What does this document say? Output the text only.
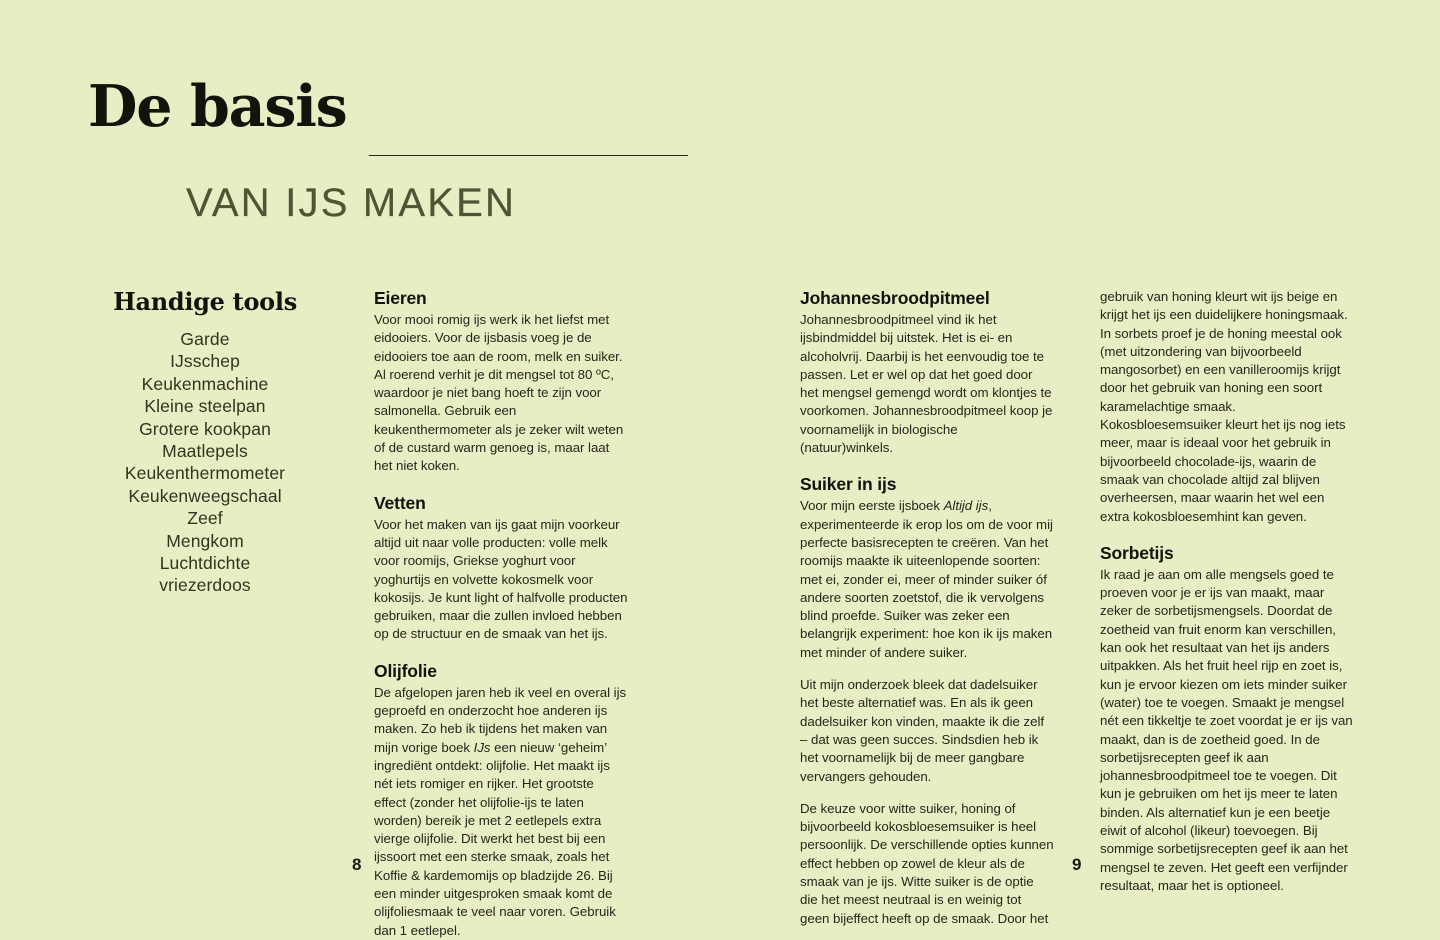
De basis
VAN IJS MAKEN
Handige tools
Garde
IJsschep
Keukenmachine
Kleine steelpan
Grotere kookpan
Maatlepels
Keukenthermometer
Keukenweegschaal
Zeef
Mengkom
Luchtdichte vriezerdoos
Eieren

Voor mooi romig ijs werk ik het liefst met eidooiers. Voor de ijsbasis voeg je de eidooiers toe aan de room, melk en suiker. Al roerend verhit je dit mengsel tot 80 ºC, waardoor je niet bang hoeft te zijn voor salmonella. Gebruik een keukenthermometer als je zeker wilt weten of de custard warm genoeg is, maar laat het niet koken.

Vetten

Voor het maken van ijs gaat mijn voorkeur altijd uit naar volle producten: volle melk voor roomijs, Griekse yoghurt voor yoghurtijs en volvette kokosmelk voor kokosijs. Je kunt light of halfvolle producten gebruiken, maar die zullen invloed hebben op de structuur en de smaak van het ijs.

Olijfolie

De afgelopen jaren heb ik veel en overal ijs geproefd en onderzocht hoe anderen ijs maken. Zo heb ik tijdens het maken van mijn vorige boek IJs een nieuw ‘geheim’ ingrediënt ontdekt: olijfolie. Het maakt ijs nét iets romiger en rijker. Het grootste effect (zonder het olijfolie-ijs te laten worden) bereik je met 2 eetlepels extra vierge olijfolie. Dit werkt het best bij een ijssoort met een sterke smaak, zoals het Koffie & kardemomijs op bladzijde 26. Bij een minder uitgesproken smaak komt de olijfoliesmaak te veel naar voren. Gebruik dan 1 eetlepel.

Johannesbroodpitmeel

Johannesbroodpitmeel vind ik het ijsbindmiddel bij uitstek. Het is ei- en alcoholvrij. Daarbij is het eenvoudig toe te passen. Let er wel op dat het goed door het mengsel gemengd wordt om klontjes te voorkomen. Johannesbroodpitmeel koop je voornamelijk in biologische (natuur)winkels.

Suiker in ijs

Voor mijn eerste ijsboek Altijd ijs, experimenteerde ik erop los om de voor mij perfecte basisrecepten te creëren. Van het roomijs maakte ik uiteenlopende soorten: met ei, zonder ei, meer of minder suiker óf andere soorten zoetstof, die ik vervolgens blind proefde. Suiker was zeker een belangrijk experiment: hoe kon ik ijs maken met minder of andere suiker.

Uit mijn onderzoek bleek dat dadelsuiker het beste alternatief was. En als ik geen dadelsuiker kon vinden, maakte ik die zelf – dat was geen succes. Sindsdien heb ik het voornamelijk bij de meer gangbare vervangers gehouden.

De keuze voor witte suiker, honing of bijvoorbeeld kokosbloesemsuiker is heel persoonlijk. De verschillende opties kunnen effect hebben op zowel de kleur als de smaak van je ijs. Witte suiker is de optie die het meest neutraal is en weinig tot geen bijeffect heeft op de smaak. Door het

gebruik van honing kleurt wit ijs beige en krijgt het ijs een duidelijkere honingsmaak. In sorbets proef je de honing meestal ook (met uitzondering van bijvoorbeeld mangosorbet) en een vanilleroomijs krijgt door het gebruik van honing een soort karamelachtige smaak. Kokosbloesemsuiker kleurt het ijs nog iets meer, maar is ideaal voor het gebruik in bijvoorbeeld chocolade-ijs, waarin de smaak van chocolade altijd zal blijven overheersen, maar waarin het wel een extra kokosbloesemhint kan geven.

Sorbetijs

Ik raad je aan om alle mengsels goed te proeven voor je er ijs van maakt, maar zeker de sorbetijsmengsels. Doordat de zoetheid van fruit enorm kan verschillen, kan ook het resultaat van het ijs anders uitpakken. Als het fruit heel rijp en zoet is, kun je ervoor kiezen om iets minder suiker (water) toe te voegen. Smaakt je mengsel nét een tikkeltje te zoet voordat je er ijs van maakt, dan is de zoetheid goed. In de sorbetijsrecepten geef ik aan johannesbroodpitmeel toe te voegen. Dit kun je gebruiken om het ijs meer te laten binden. Als alternatief kun je een beetje eiwit of alcohol (likeur) toevoegen. Bij sommige sorbetijsrecepten geef ik aan het mengsel te zeven. Het geeft een verfijnder resultaat, maar het is optioneel.

8	9
